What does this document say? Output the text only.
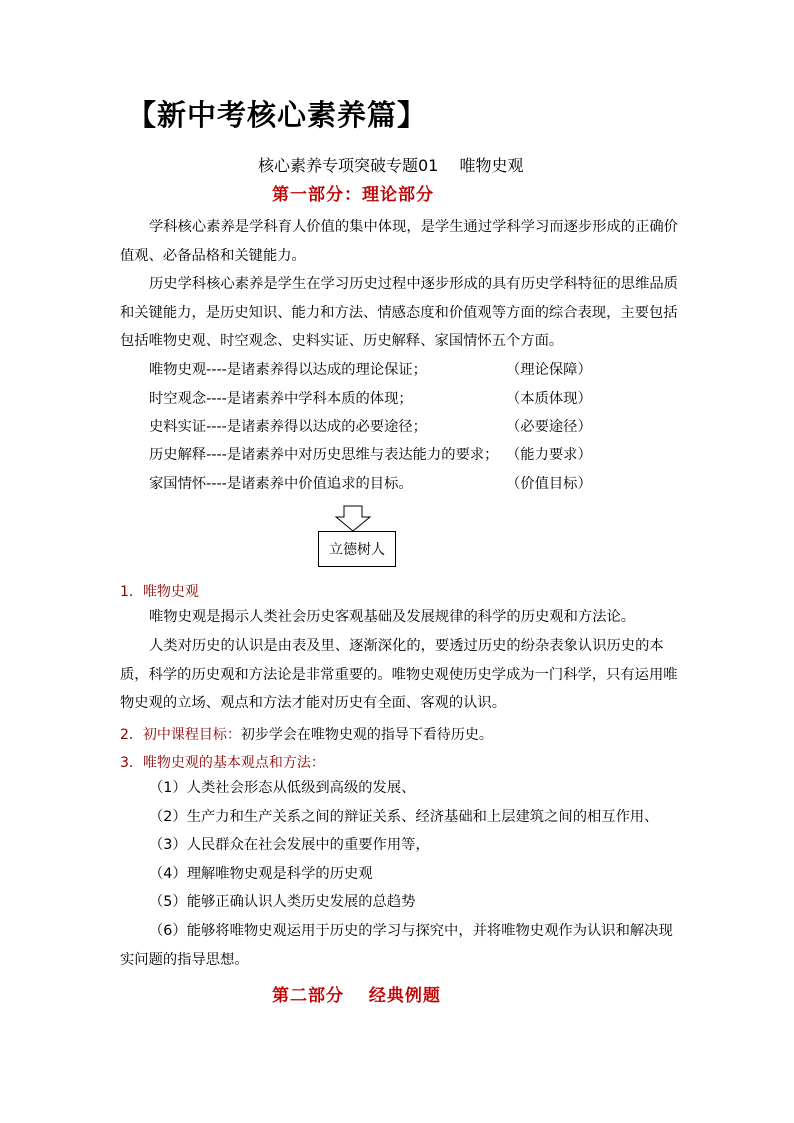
【新中考核心素养篇】
核心素养专项突破专题01　 唯物史观
第一部分：理论部分
学科核心素养是学科育人价值的集中体现，是学生通过学科学习而逐步形成的正确价值观、必备品格和关键能力。
历史学科核心素养是学生在学习历史过程中逐步形成的具有历史学科特征的思维品质和关键能力，是历史知识、能力和方法、情感态度和价值观等方面的综合表现，主要包括包括唯物史观、时空观念、史料实证、历史解释、家国情怀五个方面。
唯物史观----是诸素养得以达成的理论保证；	（理论保障）
时空观念----是诸素养中学科本质的体现；	（本质体现）
史料实证----是诸素养得以达成的必要途径；	（必要途径）
历史解释----是诸素养中对历史思维与表达能力的要求； （能力要求）
家国情怀----是诸素养中价值追求的目标。	（价值目标）
立德树人
1．唯物史观
唯物史观是揭示人类社会历史客观基础及发展规律的科学的历史观和方法论。
人类对历史的认识是由表及里、逐渐深化的，要透过历史的纷杂表象认识历史的本质，科学的历史观和方法论是非常重要的。唯物史观使历史学成为一门科学，只有运用唯物史观的立场、观点和方法才能对历史有全面、客观的认识。
2．初中课程目标：初步学会在唯物史观的指导下看待历史。
3．唯物史观的基本观点和方法：
（1）人类社会形态从低级到高级的发展、
（2）生产力和生产关系之间的辩证关系、经济基础和上层建筑之间的相互作用、
（3）人民群众在社会发展中的重要作用等，
（4）理解唯物史观是科学的历史观
（5）能够正确认识人类历史发展的总趋势
（6）能够将唯物史观运用于历史的学习与探究中，并将唯物史观作为认识和解决现实问题的指导思想。
第二部分　 经典例题
